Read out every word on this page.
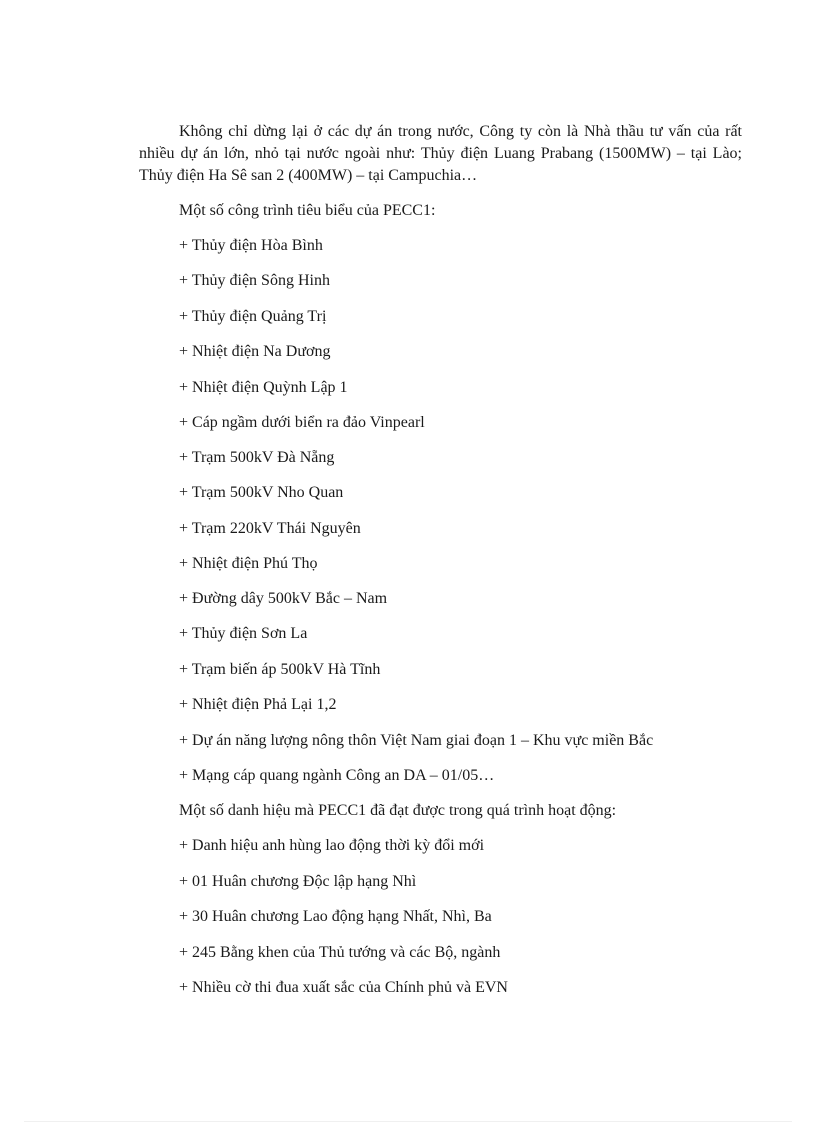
Không chỉ dừng lại ở các dự án trong nước, Công ty còn là Nhà thầu tư vấn của rất nhiều dự án lớn, nhỏ tại nước ngoài như: Thủy điện Luang Prabang (1500MW) – tại Lào; Thủy điện Ha Sê san 2 (400MW) – tại Campuchia…

Một số công trình tiêu biểu của PECC1:

+ Thủy điện Hòa Bình

+ Thủy điện Sông Hinh

+ Thủy điện Quảng Trị

+ Nhiệt điện Na Dương

+ Nhiệt điện Quỳnh Lập 1

+ Cáp ngầm dưới biển ra đảo Vinpearl

+ Trạm 500kV Đà Nẵng

+ Trạm 500kV Nho Quan

+ Trạm 220kV Thái Nguyên

+ Nhiệt điện Phú Thọ

+ Đường dây 500kV Bắc – Nam

+ Thủy điện Sơn La

+ Trạm biến áp 500kV Hà Tĩnh

+ Nhiệt điện Phả Lại 1,2

+ Dự án năng lượng nông thôn Việt Nam giai đoạn 1 – Khu vực miền Bắc

+ Mạng cáp quang ngành Công an DA – 01/05…

Một số danh hiệu mà PECC1 đã đạt được trong quá trình hoạt động:

+ Danh hiệu anh hùng lao động thời kỳ đổi mới

+ 01 Huân chương Độc lập hạng Nhì

+ 30 Huân chương Lao động hạng Nhất, Nhì, Ba

+ 245 Bằng khen của Thủ tướng và các Bộ, ngành

+ Nhiều cờ thi đua xuất sắc của Chính phủ và EVN
